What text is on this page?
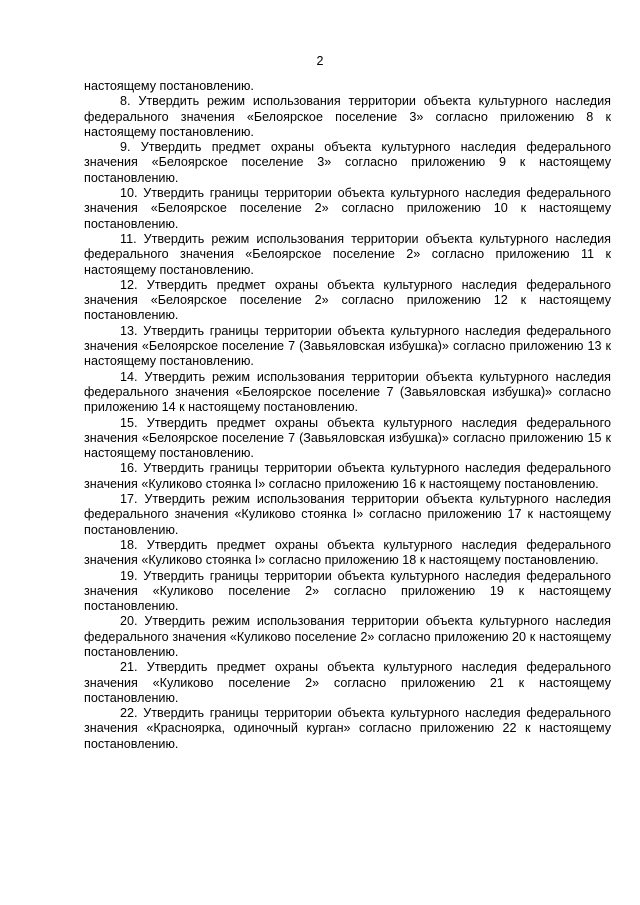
2

настоящему постановлению.

8. Утвердить режим использования территории объекта культурного наследия федерального значения «Белоярское поселение 3» согласно приложению 8 к настоящему постановлению.

9. Утвердить предмет охраны объекта культурного наследия федерального значения «Белоярское поселение 3» согласно приложению 9 к настоящему постановлению.

10. Утвердить границы территории объекта культурного наследия федерального значения «Белоярское поселение 2» согласно приложению 10 к настоящему постановлению.

11. Утвердить режим использования территории объекта культурного наследия федерального значения «Белоярское поселение 2» согласно приложению 11 к настоящему постановлению.

12. Утвердить предмет охраны объекта культурного наследия федерального значения «Белоярское поселение 2» согласно приложению 12 к настоящему постановлению.

13. Утвердить границы территории объекта культурного наследия федерального значения «Белоярское поселение 7 (Завьяловская избушка)» согласно приложению 13 к настоящему постановлению.

14. Утвердить режим использования территории объекта культурного наследия федерального значения «Белоярское поселение 7 (Завьяловская избушка)» согласно приложению 14 к настоящему постановлению.

15. Утвердить предмет охраны объекта культурного наследия федерального значения «Белоярское поселение 7 (Завьяловская избушка)» согласно приложению 15 к настоящему постановлению.

16. Утвердить границы территории объекта культурного наследия федерального значения «Куликово стоянка I» согласно приложению 16 к настоящему постановлению.

17. Утвердить режим использования территории объекта культурного наследия федерального значения «Куликово стоянка I» согласно приложению 17 к настоящему постановлению.

18. Утвердить предмет охраны объекта культурного наследия федерального значения «Куликово стоянка I» согласно приложению 18 к настоящему постановлению.

19. Утвердить границы территории объекта культурного наследия федерального значения «Куликово поселение 2» согласно приложению 19 к настоящему постановлению.

20. Утвердить режим использования территории объекта культурного наследия федерального значения «Куликово поселение 2» согласно приложению 20 к настоящему постановлению.

21. Утвердить предмет охраны объекта культурного наследия федерального значения «Куликово поселение 2» согласно приложению 21 к настоящему постановлению.

22. Утвердить границы территории объекта культурного наследия федерального значения «Красноярка, одиночный курган» согласно приложению 22 к настоящему постановлению.
